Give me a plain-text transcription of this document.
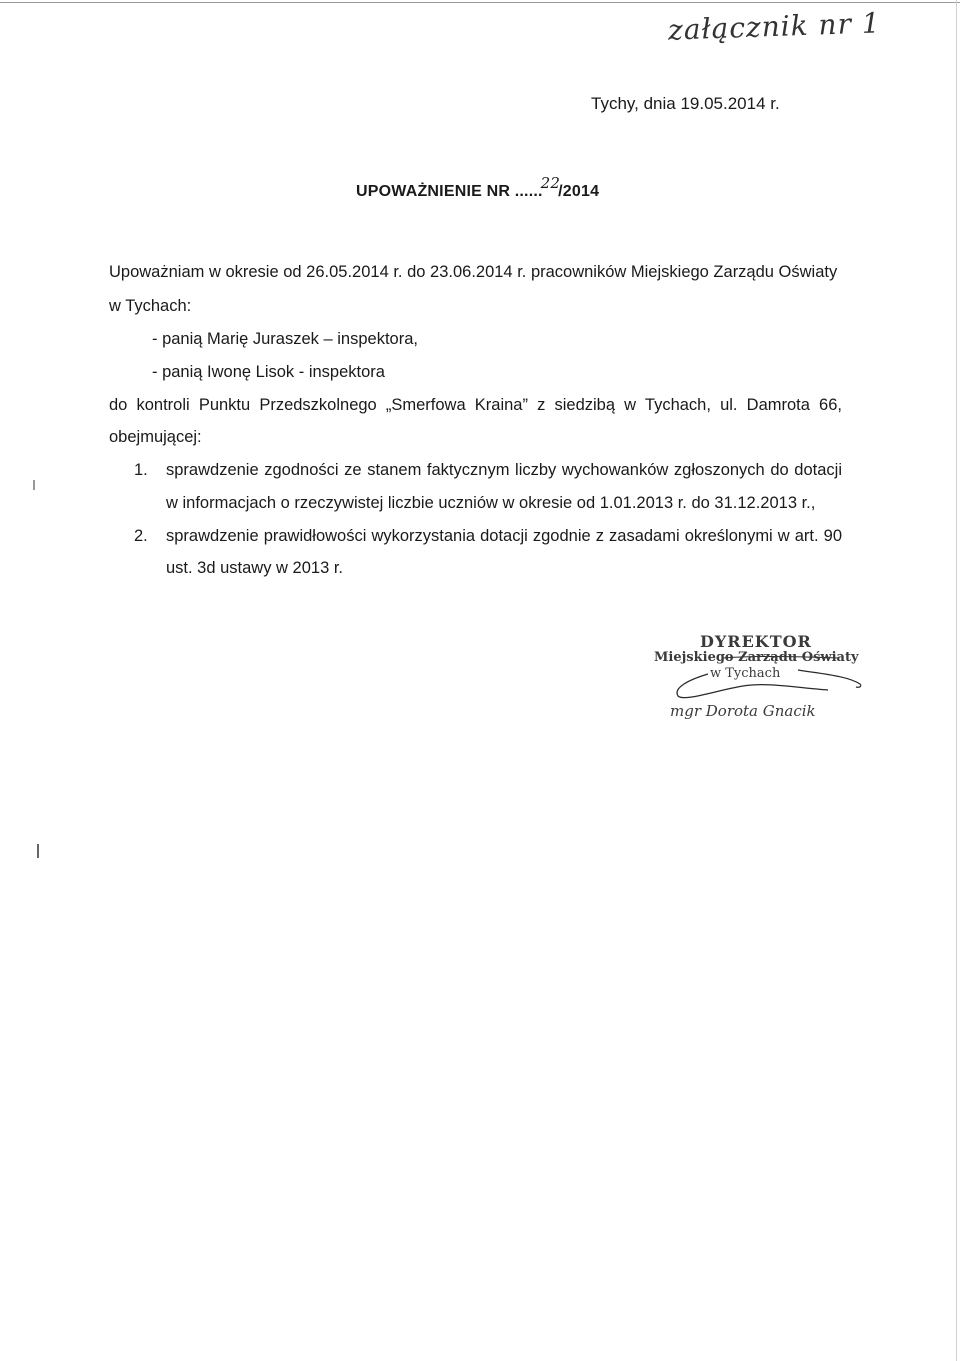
załącznik nr 1
Tychy, dnia 19.05.2014 r.
UPOWAŻNIENIE NR ......22/2014
Upoważniam w okresie od 26.05.2014 r. do 23.06.2014 r. pracowników Miejskiego Zarządu Oświaty
w Tychach:
- panią Marię Juraszek – inspektora,
- panią Iwonę Lisok - inspektora
do kontroli Punktu Przedszkolnego „Smerfowa Kraina” z siedzibą w Tychach, ul. Damrota 66,
obejmującej:
1. sprawdzenie zgodności ze stanem faktycznym liczby wychowanków zgłoszonych do dotacji
w informacjach o rzeczywistej liczbie uczniów w okresie od 1.01.2013 r. do 31.12.2013 r.,
2. sprawdzenie prawidłowości wykorzystania dotacji zgodnie z zasadami określonymi w art. 90
ust. 3d ustawy w 2013 r.
DYREKTOR
Miejskiego Zarządu Oświaty
w Tychach
mgr Dorota Gnacik
